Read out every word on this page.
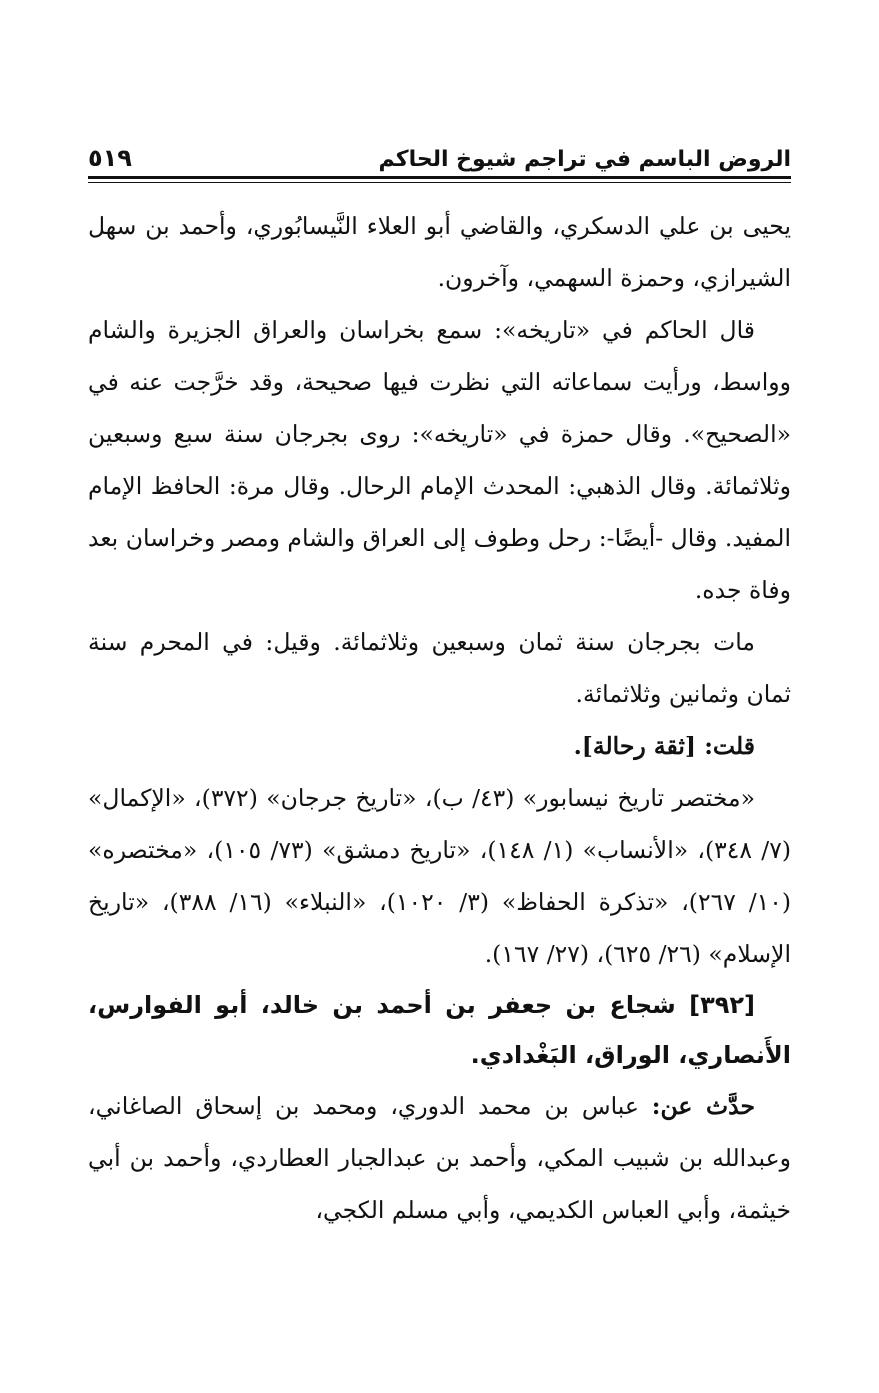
الروض الباسم في تراجم شيوخ الحاكم
٥١٩

يحيى بن علي الدسكري، والقاضي أبو العلاء النَّيسابُوري، وأحمد بن سهل الشيرازي، وحمزة السهمي، وآخرون.

قال الحاكم في «تاريخه»: سمع بخراسان والعراق الجزيرة والشام وواسط، ورأيت سماعاته التي نظرت فيها صحيحة، وقد خرَّجت عنه في «الصحيح». وقال حمزة في «تاريخه»: روى بجرجان سنة سبع وسبعين وثلاثمائة. وقال الذهبي: المحدث الإمام الرحال. وقال مرة: الحافظ الإمام المفيد. وقال -أيضًا-: رحل وطوف إلى العراق والشام ومصر وخراسان بعد وفاة جده.

مات بجرجان سنة ثمان وسبعين وثلاثمائة. وقيل: في المحرم سنة ثمان وثمانين وثلاثمائة.

قلت: [ثقة رحالة].

«مختصر تاريخ نيسابور» (٤٣/ ب)، «تاريخ جرجان» (٣٧٢)، «الإكمال» (٧/ ٣٤٨)، «الأنساب» (١/ ١٤٨)، «تاريخ دمشق» (٧٣/ ١٠٥)، «مختصره» (١٠/ ٢٦٧)، «تذكرة الحفاظ» (٣/ ١٠٢٠)، «النبلاء» (١٦/ ٣٨٨)، «تاريخ الإسلام» (٢٦/ ٦٢٥)، (٢٧/ ١٦٧).

[٣٩٢] شجاع بن جعفر بن أحمد بن خالد، أبو الفوارس، الأَنصاري، الوراق، البَغْدادي.

حدَّث عن: عباس بن محمد الدوري، ومحمد بن إسحاق الصاغاني، وعبدالله بن شبيب المكي، وأحمد بن عبدالجبار العطاردي، وأحمد بن أبي خيثمة، وأبي العباس الكديمي، وأبي مسلم الكجي،
